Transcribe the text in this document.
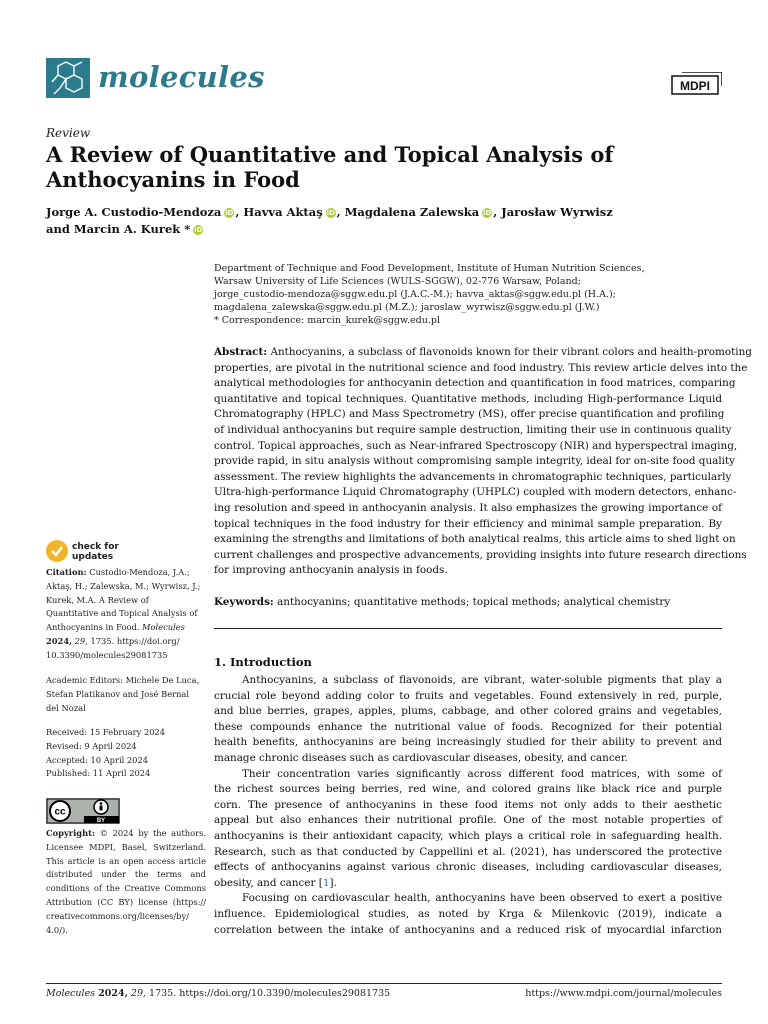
molecules	MDPI
Review
A Review of Quantitative and Topical Analysis of
Anthocyanins in Food
Jorge A. Custodio-Mendoza iD , Havva Aktaş iD , Magdalena Zalewska iD , Jarosław Wyrwisz
and Marcin A. Kurek * iD
Department of Technique and Food Development, Institute of Human Nutrition Sciences,
Warsaw University of Life Sciences (WULS-SGGW), 02-776 Warsaw, Poland;
jorge_custodio-mendoza@sggw.edu.pl (J.A.C.-M.); havva_aktas@sggw.edu.pl (H.A.);
magdalena_zalewska@sggw.edu.pl (M.Z.); jaroslaw_wyrwisz@sggw.edu.pl (J.W.)
* Correspondence: marcin_kurek@sggw.edu.pl
Abstract: Anthocyanins, a subclass of flavonoids known for their vibrant colors and health-promoting
properties, are pivotal in the nutritional science and food industry. This review article delves into the
analytical methodologies for anthocyanin detection and quantification in food matrices, comparing
quantitative and topical techniques. Quantitative methods, including High-performance Liquid
Chromatography (HPLC) and Mass Spectrometry (MS), offer precise quantification and profiling
of individual anthocyanins but require sample destruction, limiting their use in continuous quality
control. Topical approaches, such as Near-infrared Spectroscopy (NIR) and hyperspectral imaging,
provide rapid, in situ analysis without compromising sample integrity, ideal for on-site food quality
assessment. The review highlights the advancements in chromatographic techniques, particularly
Ultra-high-performance Liquid Chromatography (UHPLC) coupled with modern detectors, enhanc-
ing resolution and speed in anthocyanin analysis. It also emphasizes the growing importance of
topical techniques in the food industry for their efficiency and minimal sample preparation. By
examining the strengths and limitations of both analytical realms, this article aims to shed light on
current challenges and prospective advancements, providing insights into future research directions
for improving anthocyanin analysis in foods.
Keywords: anthocyanins; quantitative methods; topical methods; analytical chemistry
check for
updates
Citation: Custodio-Mendoza, J.A.;
Aktaş, H.; Zalewska, M.; Wyrwisz, J.;
Kurek, M.A. A Review of
Quantitative and Topical Analysis of
Anthocyanins in Food. Molecules
2024, 29, 1735. https://doi.org/
10.3390/molecules29081735
Academic Editors: Michele De Luca,
Stefan Platikanov and José Bernal
del Nozal
Received: 15 February 2024
Revised: 9 April 2024
Accepted: 10 April 2024
Published: 11 April 2024
cc
BY
Copyright: © 2024 by the authors.
Licensee MDPI, Basel, Switzerland.
This article is an open access article
distributed under the terms and
conditions of the Creative Commons
Attribution (CC BY) license (https://
creativecommons.org/licenses/by/
4.0/).
1. Introduction
Anthocyanins, a subclass of flavonoids, are vibrant, water-soluble pigments that play a
crucial role beyond adding color to fruits and vegetables. Found extensively in red, purple,
and blue berries, grapes, apples, plums, cabbage, and other colored grains and vegetables,
these compounds enhance the nutritional value of foods. Recognized for their potential
health benefits, anthocyanins are being increasingly studied for their ability to prevent and
manage chronic diseases such as cardiovascular diseases, obesity, and cancer.
Their concentration varies significantly across different food matrices, with some of
the richest sources being berries, red wine, and colored grains like black rice and purple
corn. The presence of anthocyanins in these food items not only adds to their aesthetic
appeal but also enhances their nutritional profile. One of the most notable properties of
anthocyanins is their antioxidant capacity, which plays a critical role in safeguarding health.
Research, such as that conducted by Cappellini et al. (2021), has underscored the protective
effects of anthocyanins against various chronic diseases, including cardiovascular diseases,
obesity, and cancer [1].
Focusing on cardiovascular health, anthocyanins have been observed to exert a positive
influence. Epidemiological studies, as noted by Krga & Milenkovic (2019), indicate a
correlation between the intake of anthocyanins and a reduced risk of myocardial infarction
Molecules 2024, 29, 1735. https://doi.org/10.3390/molecules29081735	https://www.mdpi.com/journal/molecules
